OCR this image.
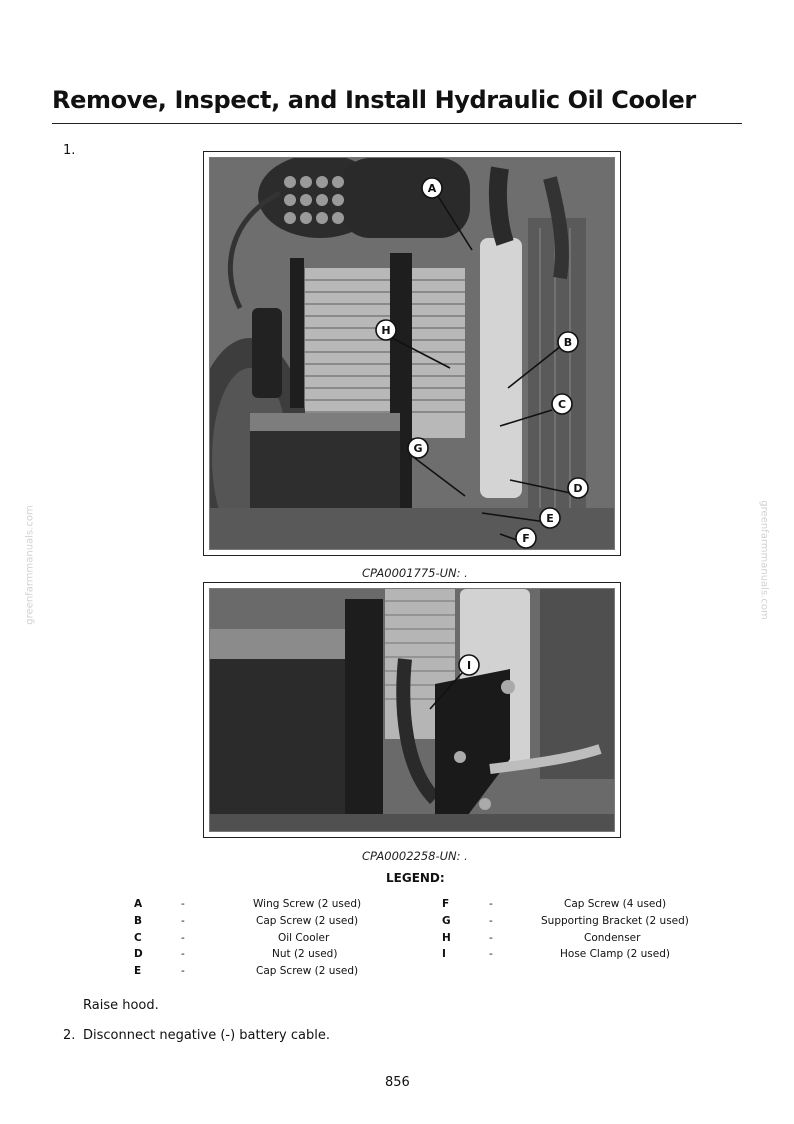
greenfarmmanuals.com	greenfarmmanuals.com
Remove, Inspect, and Install Hydraulic Oil Cooler
1.
A
B
C
D
E
F
G
H
CPA0001775-UN: .
I
CPA0002258-UN: .
LEGEND:
A	-	Wing Screw (2 used)
B	-	Cap Screw (2 used)
C	-	Oil Cooler
D	-	Nut (2 used)
E	-	Cap Screw (2 used)
F	-	Cap Screw (4 used)
G	-	Supporting Bracket (2 used)
H	-	Condenser
I	-	Hose Clamp (2 used)
Raise hood.
2. Disconnect negative (-) battery cable.
856
